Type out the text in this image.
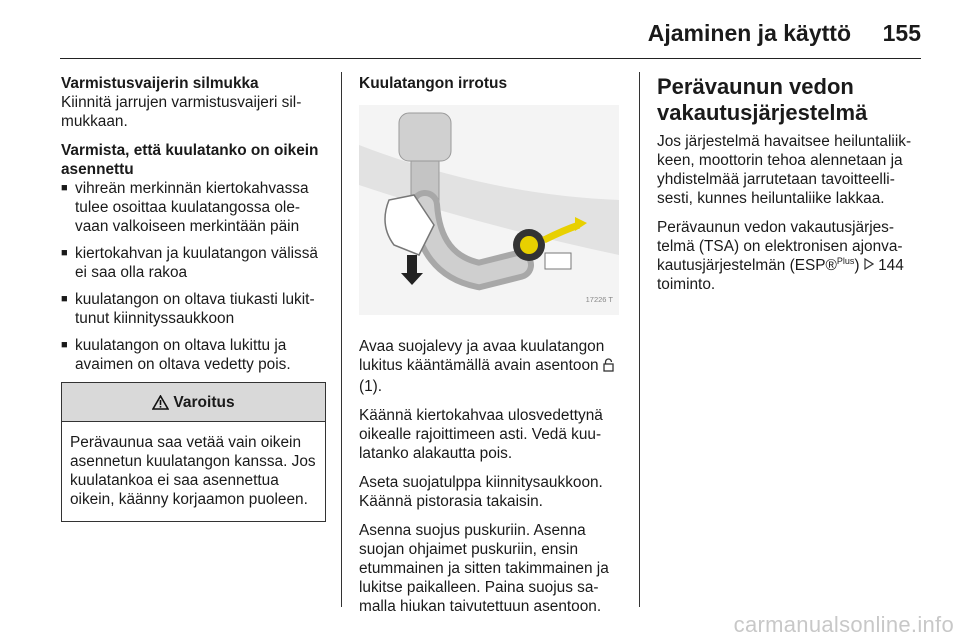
Ajaminen ja käyttö 155

Varmistusvaijerin silmukka
Kiinnitä jarrujen varmistusvaijeri silmukkaan.

Varmista, että kuulatanko on oikein asennettu

■ vihreän merkinnän kiertokahvassa tulee osoittaa kuulatangossa olevaan valkoiseen merkintään päin
■ kiertokahvan ja kuulatangon välissä ei saa olla rakoa
■ kuulatangon on oltava tiukasti lukittunut kiinnityssaukkoon
■ kuulatangon on oltava lukittu ja avaimen on oltava vedetty pois.
Varoitus
Perävaunua saa vetää vain oikein asennetun kuulatangon kanssa. Jos kuulatankoa ei saa asennettua oikein, käänny korjaamon puoleen.
Kuulatangon irrotus
17226 T

Avaa suojalevy ja avaa kuulatangon lukitus kääntämällä avain asentoon  (1).

Käännä kiertokahvaa ulosvedettynä oikealle rajoittimeen asti. Vedä kuulatanko alakautta pois.

Aseta suojatulppa kiinnitysaukkoon. Käännä pistorasia takaisin.

Asenna suojus puskuriin. Asenna suojan ohjaimet puskuriin, ensin etummainen ja sitten takimmainen ja lukitse paikalleen. Paina suojus samalla hiukan taivutettuun asentoon.

Perävaunun vedon vakautusjärjestelmä

Jos järjestelmä havaitsee heiluntaliikkeen, moottorin tehoa alennetaan ja yhdistelmää jarrutetaan tavoitteellisesti, kunnes heiluntaliike lakkaa.

Perävaunun vedon vakautusjärjestelmä (TSA) on elektronisen ajonvakautusjärjestelmän (ESP®$^{Plus}$) 144 toiminto.

carmanualsonline.info
